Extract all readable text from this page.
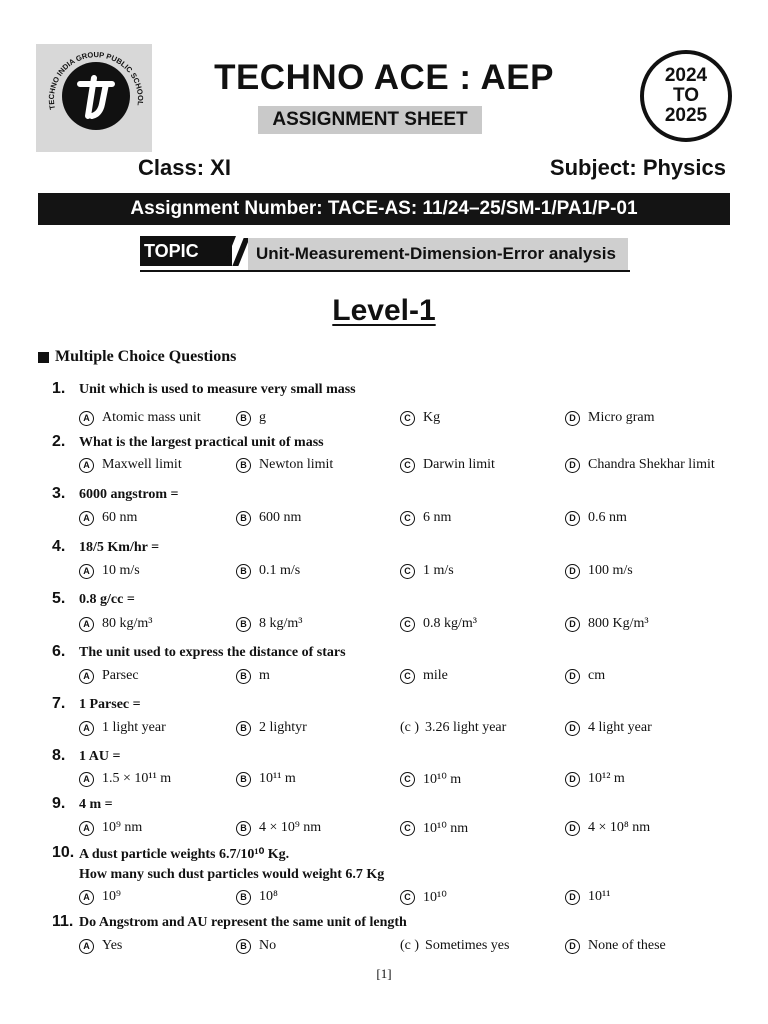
TECHNO INDIA GROUP PUBLIC SCHOOL
TECHNO ACE : AEP
ASSIGNMENT SHEET
2024
TO
2025
Class: XI	Subject: Physics
Assignment Number: TACE-AS: 11/24–25/SM-1/PA1/P-01
TOPIC	Unit-Measurement-Dimension-Error analysis
Level-1
Multiple Choice Questions
1. Unit which is used to measure very small mass
A Atomic mass unit	B g	C Kg	D Micro gram
2. What is the largest practical unit of mass
A Maxwell limit	B Newton limit	C Darwin limit	D Chandra Shekhar limit
3. 6000 angstrom =
A 60 nm	B 600 nm	C 6 nm	D 0.6 nm
4. 18/5 Km/hr =
A 10 m/s	B 0.1 m/s	C 1 m/s	D 100 m/s
5. 0.8 g/cc =
A 80 kg/m³	B 8 kg/m³	C 0.8 kg/m³	D 800 Kg/m³
6. The unit used to express the distance of stars
A Parsec	B m	C mile	D cm
7. 1 Parsec =
A 1 light year	B 2 lightyr	(c ) 3.26 light year	D 4 light year
8. 1 AU =
A 1.5 × 10¹¹ m	B 10¹¹ m	C 10¹⁰ m	D 10¹² m
9. 4 m =
A 10⁹ nm	B 4 × 10⁹ nm	C 10¹⁰ nm	D 4 × 10⁸ nm
10. A dust particle weights 6.7/10¹⁰ Kg.
How many such dust particles would weight 6.7 Kg
A 10⁹	B 10⁸	C 10¹⁰	D 10¹¹
11. Do Angstrom and AU represent the same unit of length
A Yes	B No	(c ) Sometimes yes	D None of these
[1]
